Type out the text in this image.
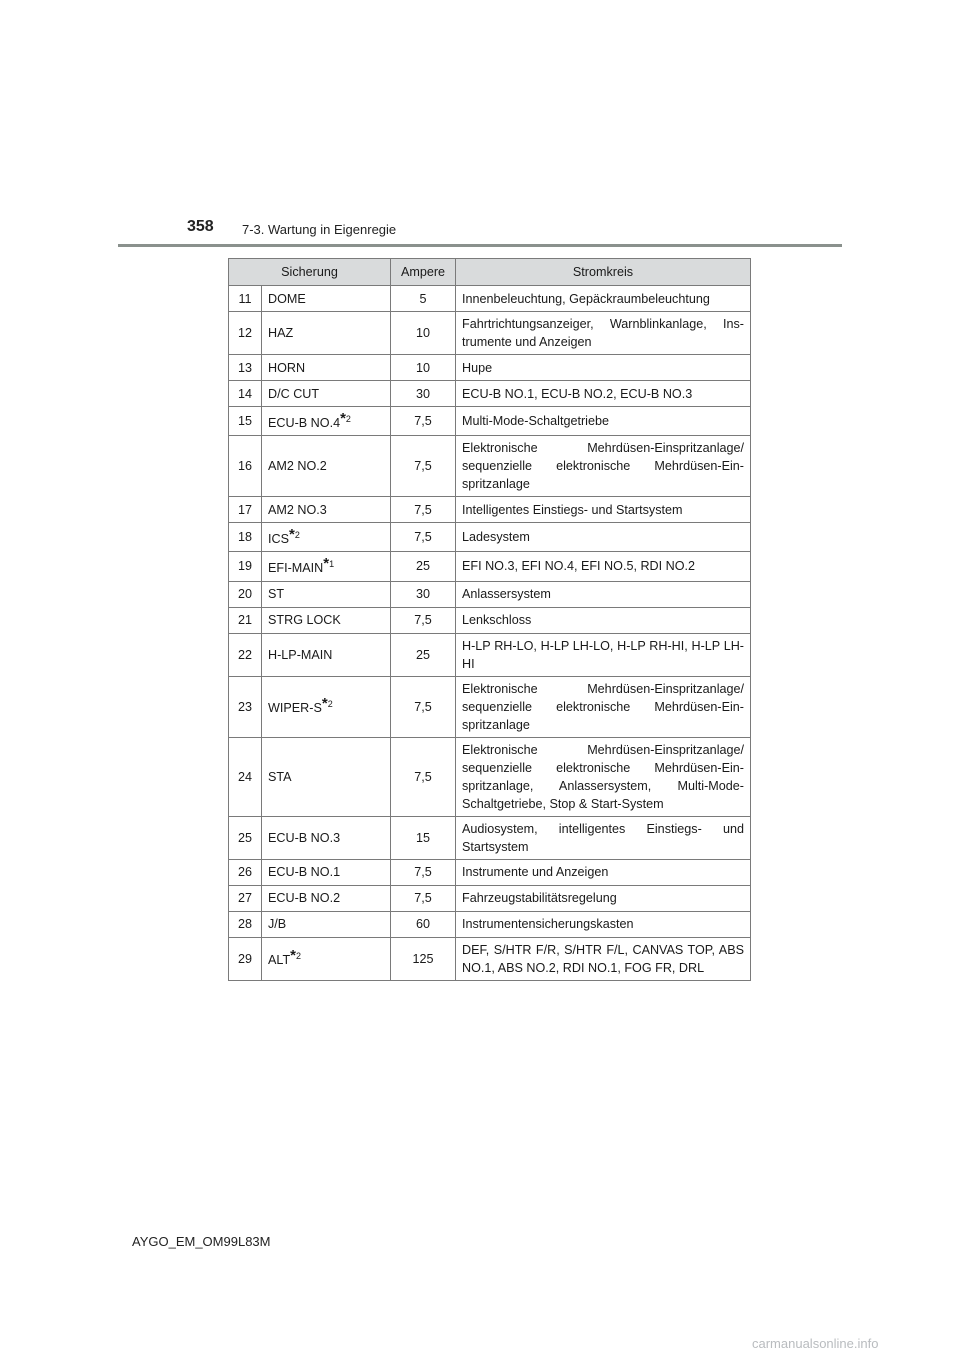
358 7-3. Wartung in Eigenregie
Sicherung		Ampere	Stromkreis
11	DOME	5	Innenbeleuchtung, Gepäckraumbeleuchtung
12	HAZ	10	Fahrtrichtungsanzeiger, Warnblinkanlage, Ins-trumente und Anzeigen
13	HORN	10	Hupe
14	D/C CUT	30	ECU-B NO.1, ECU-B NO.2, ECU-B NO.3
15	ECU-B NO.4*$^2$	7,5	Multi-Mode-Schaltgetriebe
16	AM2 NO.2	7,5	Elektronische Mehrdüsen-Einspritzanlage/ sequenzielle elektronische Mehrdüsen-Ein-spritzanlage
17	AM2 NO.3	7,5	Intelligentes Einstiegs- und Startsystem
18	ICS*$^2$	7,5	Ladesystem
19	EFI-MAIN*$^1$	25	EFI NO.3, EFI NO.4, EFI NO.5, RDI NO.2
20	ST	30	Anlassersystem
21	STRG LOCK	7,5	Lenkschloss
22	H-LP-MAIN	25	H-LP RH-LO, H-LP LH-LO, H-LP RH-HI, H-LP LH-HI
23	WIPER-S*$^2$	7,5	Elektronische Mehrdüsen-Einspritzanlage/ sequenzielle elektronische Mehrdüsen-Ein-spritzanlage
24	STA	7,5	Elektronische Mehrdüsen-Einspritzanlage/ sequenzielle elektronische Mehrdüsen-Ein-spritzanlage, Anlassersystem, Multi-Mode-Schaltgetriebe, Stop & Start-System
25	ECU-B NO.3	15	Audiosystem, intelligentes Einstiegs- und Startsystem
26	ECU-B NO.1	7,5	Instrumente und Anzeigen
27	ECU-B NO.2	7,5	Fahrzeugstabilitätsregelung
28	J/B	60	Instrumentensicherungskasten
29	ALT*$^2$	125	DEF, S/HTR F/R, S/HTR F/L, CANVAS TOP, ABS NO.1, ABS NO.2, RDI NO.1, FOG FR, DRL
AYGO_EM_OM99L83M
carmanualsonline.info
